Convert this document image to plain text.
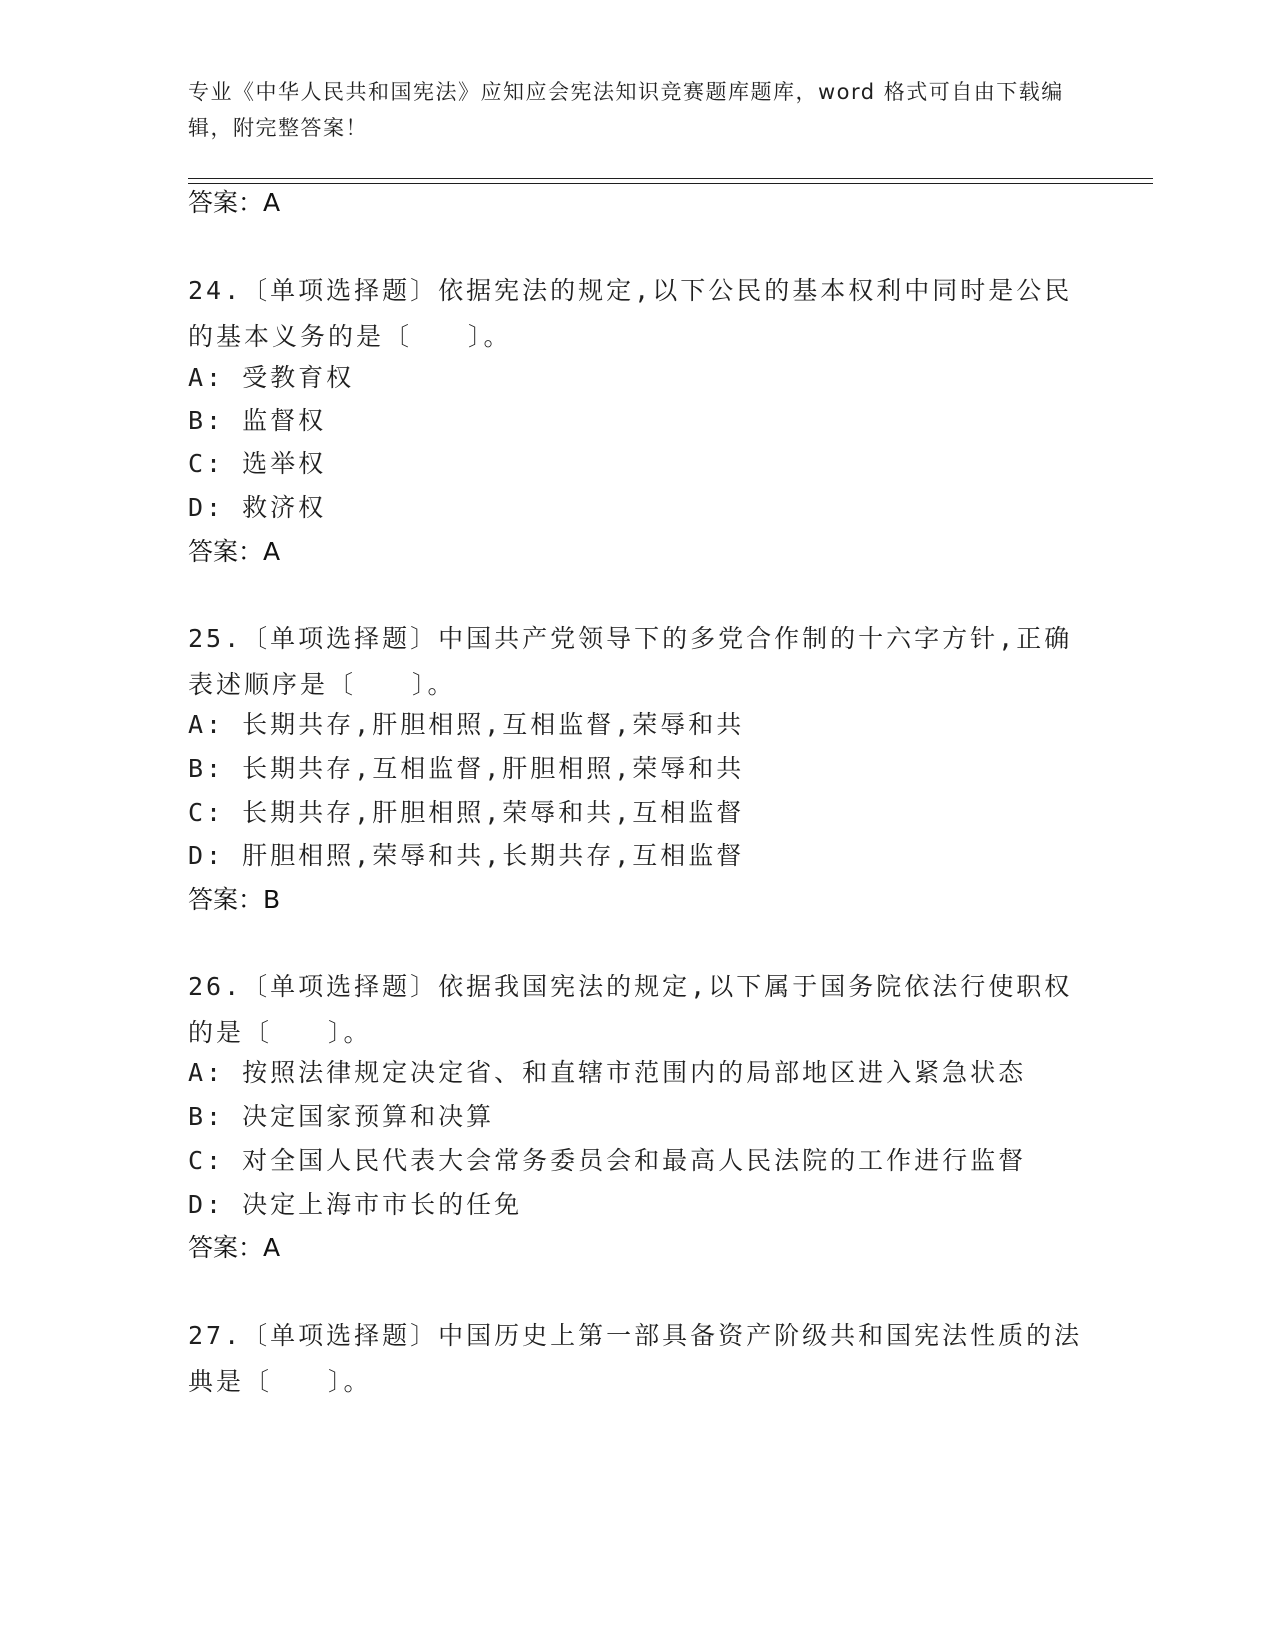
专业《中华人民共和国宪法》应知应会宪法知识竞赛题库题库，word 格式可自由下载编辑，附完整答案！
答案：A
24.〔单项选择题〕依据宪法的规定,以下公民的基本权利中同时是公民的基本义务的是〔　　〕。
A: 受教育权
B: 监督权
C: 选举权
D: 救济权
答案：A
25.〔单项选择题〕中国共产党领导下的多党合作制的十六字方针,正确表述顺序是〔　　〕。
A: 长期共存,肝胆相照,互相监督,荣辱和共
B: 长期共存,互相监督,肝胆相照,荣辱和共
C: 长期共存,肝胆相照,荣辱和共,互相监督
D: 肝胆相照,荣辱和共,长期共存,互相监督
答案：B
26.〔单项选择题〕依据我国宪法的规定,以下属于国务院依法行使职权的是〔　　〕。
A: 按照法律规定决定省、和直辖市范围内的局部地区进入紧急状态
B: 决定国家预算和决算
C: 对全国人民代表大会常务委员会和最高人民法院的工作进行监督
D: 决定上海市市长的任免
答案：A
27.〔单项选择题〕中国历史上第一部具备资产阶级共和国宪法性质的法典是〔　　〕。
